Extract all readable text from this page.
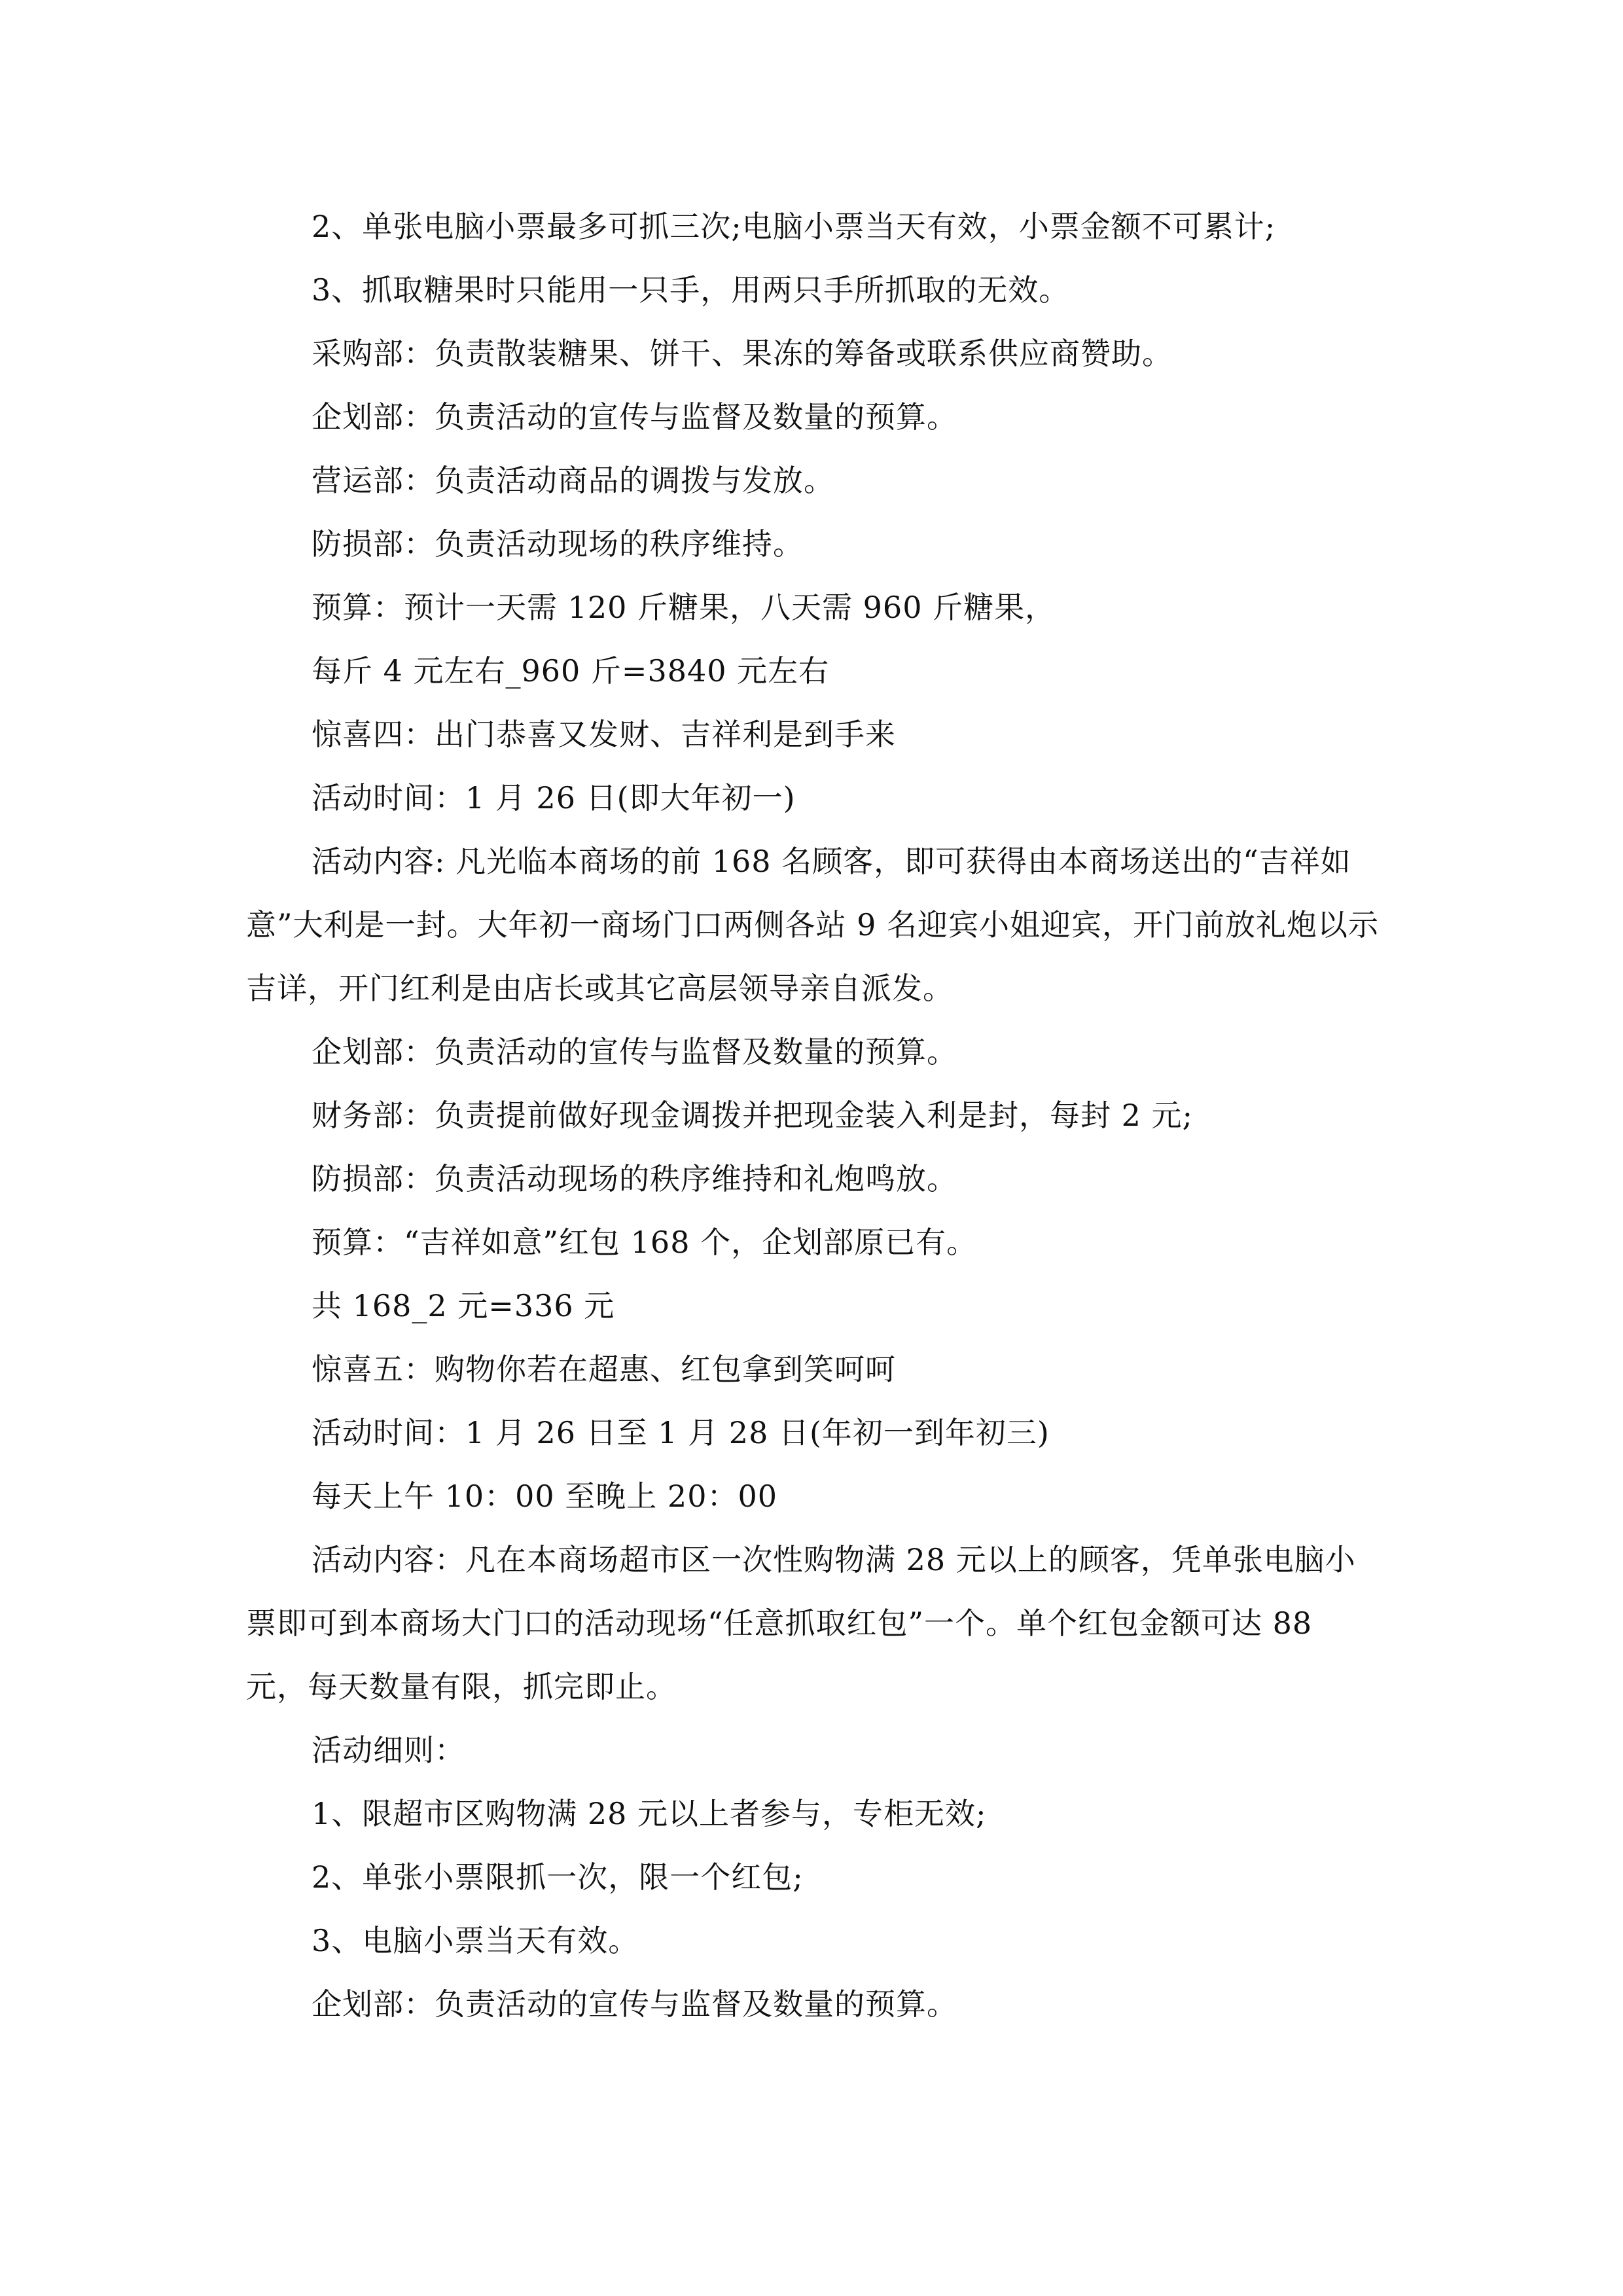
2、单张电脑小票最多可抓三次;电脑小票当天有效，小票金额不可累计;

3、抓取糖果时只能用一只手，用两只手所抓取的无效。

采购部：负责散装糖果、饼干、果冻的筹备或联系供应商赞助。

企划部：负责活动的宣传与监督及数量的预算。

营运部：负责活动商品的调拨与发放。

防损部：负责活动现场的秩序维持。

预算：预计一天需 120 斤糖果，八天需 960 斤糖果，

每斤 4 元左右_960 斤=3840 元左右

惊喜四：出门恭喜又发财、吉祥利是到手来

活动时间：1 月 26 日(即大年初一)

活动内容: 凡光临本商场的前 168 名顾客，即可获得由本商场送出的“吉祥如意”大利是一封。大年初一商场门口两侧各站 9 名迎宾小姐迎宾，开门前放礼炮以示吉详，开门红利是由店长或其它高层领导亲自派发。

企划部：负责活动的宣传与监督及数量的预算。

财务部：负责提前做好现金调拨并把现金装入利是封，每封 2 元;

防损部：负责活动现场的秩序维持和礼炮鸣放。

预算：“吉祥如意”红包 168 个，企划部原已有。

共 168_2 元=336 元

惊喜五：购物你若在超惠、红包拿到笑呵呵

活动时间：1 月 26 日至 1 月 28 日(年初一到年初三)

每天上午 10：00 至晚上 20：00

活动内容：凡在本商场超市区一次性购物满 28 元以上的顾客，凭单张电脑小票即可到本商场大门口的活动现场“任意抓取红包”一个。单个红包金额可达 88 元，每天数量有限，抓完即止。

活动细则：

1、限超市区购物满 28 元以上者参与，专柜无效;

2、单张小票限抓一次，限一个红包;

3、电脑小票当天有效。

企划部：负责活动的宣传与监督及数量的预算。
